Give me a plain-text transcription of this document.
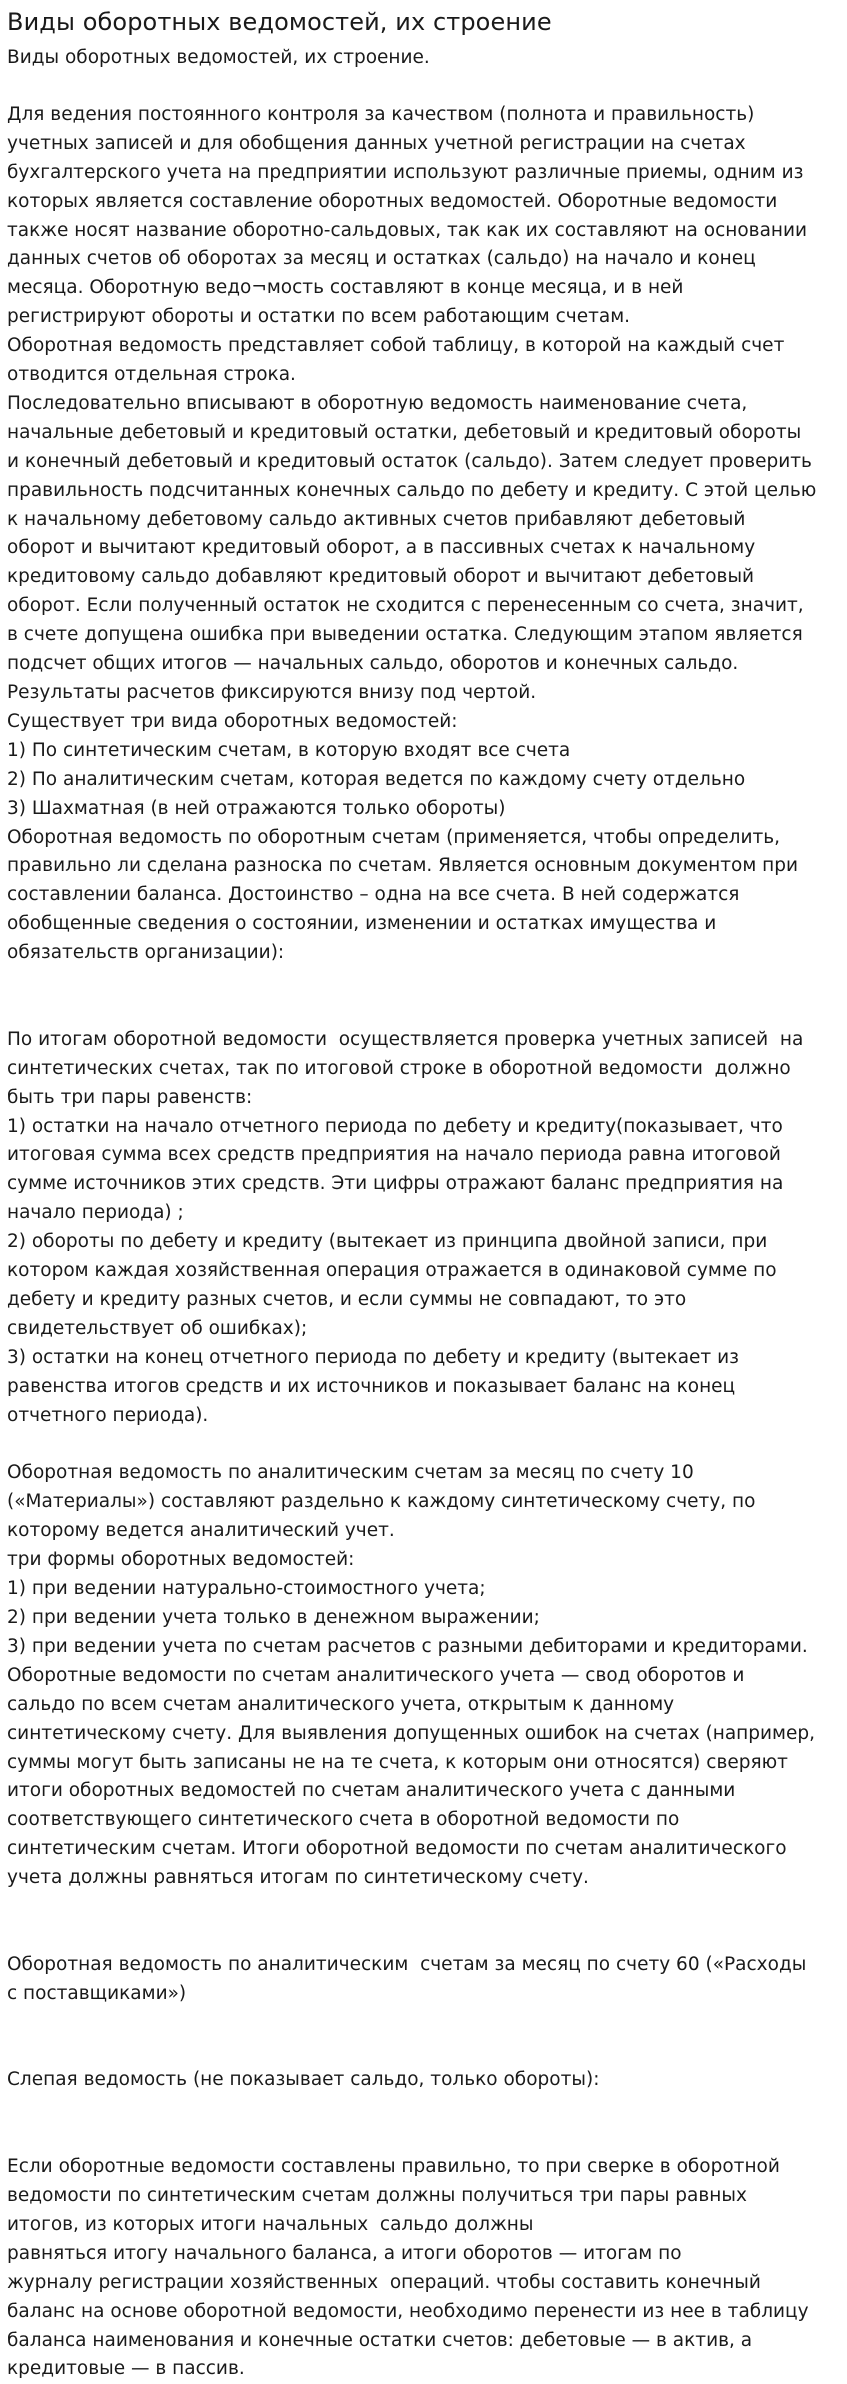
Виды оборотных ведомостей, их строение
Виды оборотных ведомостей, их строение.
Для ведения постоянного контроля за качеством (полнота и правильность)
учетных записей и для обобщения данных учетной регистрации на счетах
бухгалтерского учета на предприятии используют различные приемы, одним из
которых является составление оборотных ведомостей. Оборотные ведомости
также носят название оборотно-сальдовых, так как их составляют на основании
данных счетов об оборотах за месяц и остатках (сальдо) на начало и конец
месяца. Оборотную ведо¬мость составляют в конце месяца, и в ней
регистрируют обороты и остатки по всем работающим счетам.
Оборотная ведомость представляет собой таблицу, в которой на каждый счет
отводится отдельная строка.
Последовательно вписывают в оборотную ведомость наименование счета,
начальные дебетовый и кредитовый остатки, дебетовый и кредитовый обороты
и конечный дебетовый и кредитовый остаток (сальдо). Затем следует проверить
правильность подсчитанных конечных сальдо по дебету и кредиту. С этой целью
к начальному дебетовому сальдо активных счетов прибавляют дебетовый
оборот и вычитают кредитовый оборот, а в пассивных счетах к начальному
кредитовому сальдо добавляют кредитовый оборот и вычитают дебетовый
оборот. Если полученный остаток не сходится с перенесенным со счета, значит,
в счете допущена ошибка при выведении остатка. Следующим этапом является
подсчет общих итогов — начальных сальдо, оборотов и конечных сальдо.
Результаты расчетов фиксируются внизу под чертой.
Существует три вида оборотных ведомостей:
1) По синтетическим счетам, в которую входят все счета
2) По аналитическим счетам, которая ведется по каждому счету отдельно
3) Шахматная (в ней отражаются только обороты)
Оборотная ведомость по оборотным счетам (применяется, чтобы определить,
правильно ли сделана разноска по счетам. Является основным документом при
составлении баланса. Достоинство – одна на все счета. В ней содержатся
обобщенные сведения о состоянии, изменении и остатках имущества и
обязательств организации):
По итогам оборотной ведомости  осуществляется проверка учетных записей  на
синтетических счетах, так по итоговой строке в оборотной ведомости  должно
быть три пары равенств:
1) остатки на начало отчетного периода по дебету и кредиту(показывает, что
итоговая сумма всех средств предприятия на начало периода равна итоговой
сумме источников этих средств. Эти цифры отражают баланс предприятия на
начало периода) ;
2) обороты по дебету и кредиту (вытекает из принципа двойной записи, при
котором каждая хозяйственная операция отражается в одинаковой сумме по
дебету и кредиту разных счетов, и если суммы не совпадают, то это
свидетельствует об ошибках);
3) остатки на конец отчетного периода по дебету и кредиту (вытекает из
равенства итогов средств и их источников и показывает баланс на конец
отчетного периода).
Оборотная ведомость по аналитическим счетам за месяц по счету 10
(«Материалы») составляют раздельно к каждому синтетическому счету, по
которому ведется аналитический учет.
три формы оборотных ведомостей:
1) при ведении натурально-стоимостного учета;
2) при ведении учета только в денежном выражении;
3) при ведении учета по счетам расчетов с разными дебиторами и кредиторами.
Оборотные ведомости по счетам аналитического учета — свод оборотов и
сальдо по всем счетам аналитического учета, открытым к данному
синтетическому счету. Для выявления допущенных ошибок на счетах (например,
суммы могут быть записаны не на те счета, к которым они относятся) сверяют
итоги оборотных ведомостей по счетам аналитического учета с данными
соответствующего синтетического счета в оборотной ведомости по
синтетическим счетам. Итоги оборотной ведомости по счетам аналитического
учета должны равняться итогам по синтетическому счету.
Оборотная ведомость по аналитическим  счетам за месяц по счету 60 («Расходы
с поставщиками»)
Слепая ведомость (не показывает сальдо, только обороты):
Если оборотные ведомости составлены правильно, то при сверке в оборотной
ведомости по синтетическим счетам должны получиться три пары равных
итогов, из которых итоги начальных  сальдо должны
равняться итогу начального баланса, а итоги оборотов — итогам по
журналу регистрации хозяйственных  операций. чтобы составить конечный
баланс на основе оборотной ведомости, необходимо перенести из нее в таблицу
баланса наименования и конечные остатки счетов: дебетовые — в актив, а
кредитовые — в пассив.
